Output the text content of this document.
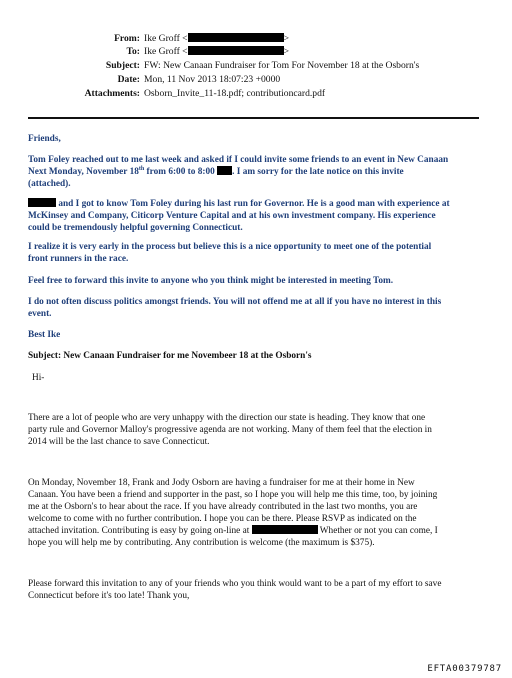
From: Ike Groff <	>
To: Ike Groff <	>
Subject: FW: New Canaan Fundraiser for Tom For November 18 at the Osborn's
Date: Mon, 11 Nov 2013 18:07:23 +0000
Attachments: Osborn_Invite_11-18.pdf; contributioncard.pdf
Friends,
Tom Foley reached out to me last week and asked if I could invite some friends to an event in New Canaan
Next Monday, November 18th from 6:00 to 8:00 . I am sorry for the late notice on this invite
(attached).
and I got to know Tom Foley during his last run for Governor. He is a good man with experience at
McKinsey and Company, Citicorp Venture Capital and at his own investment company. His experience
could be tremendously helpful governing Connecticut.
I realize it is very early in the process but believe this is a nice opportunity to meet one of the potential
front runners in the race.
Feel free to forward this invite to anyone who you think might be interested in meeting Tom.
I do not often discuss politics amongst friends. You will not offend me at all if you have no interest in this
event.
Best Ike
Subject: New Canaan Fundraiser for me Novembeer 18 at the Osborn's
Hi-
There are a lot of people who are very unhappy with the direction our state is heading. They know that one
party rule and Governor Malloy's progressive agenda are not working. Many of them feel that the election in
2014 will be the last chance to save Connecticut.
On Monday, November 18, Frank and Jody Osborn are having a fundraiser for me at their home in New
Canaan. You have been a friend and supporter in the past, so I hope you will help me this time, too, by joining
me at the Osborn's to hear about the race. If you have already contributed in the last two months, you are
welcome to come with no further contribution. I hope you can be there. Please RSVP as indicated on the
attached invitation. Contributing is easy by going on-line at	Whether or not you can come, I
hope you will help me by contributing. Any contribution is welcome (the maximum is $375).
Please forward this invitation to any of your friends who you think would want to be a part of my effort to save
Connecticut before it's too late! Thank you,
EFTA00379787
